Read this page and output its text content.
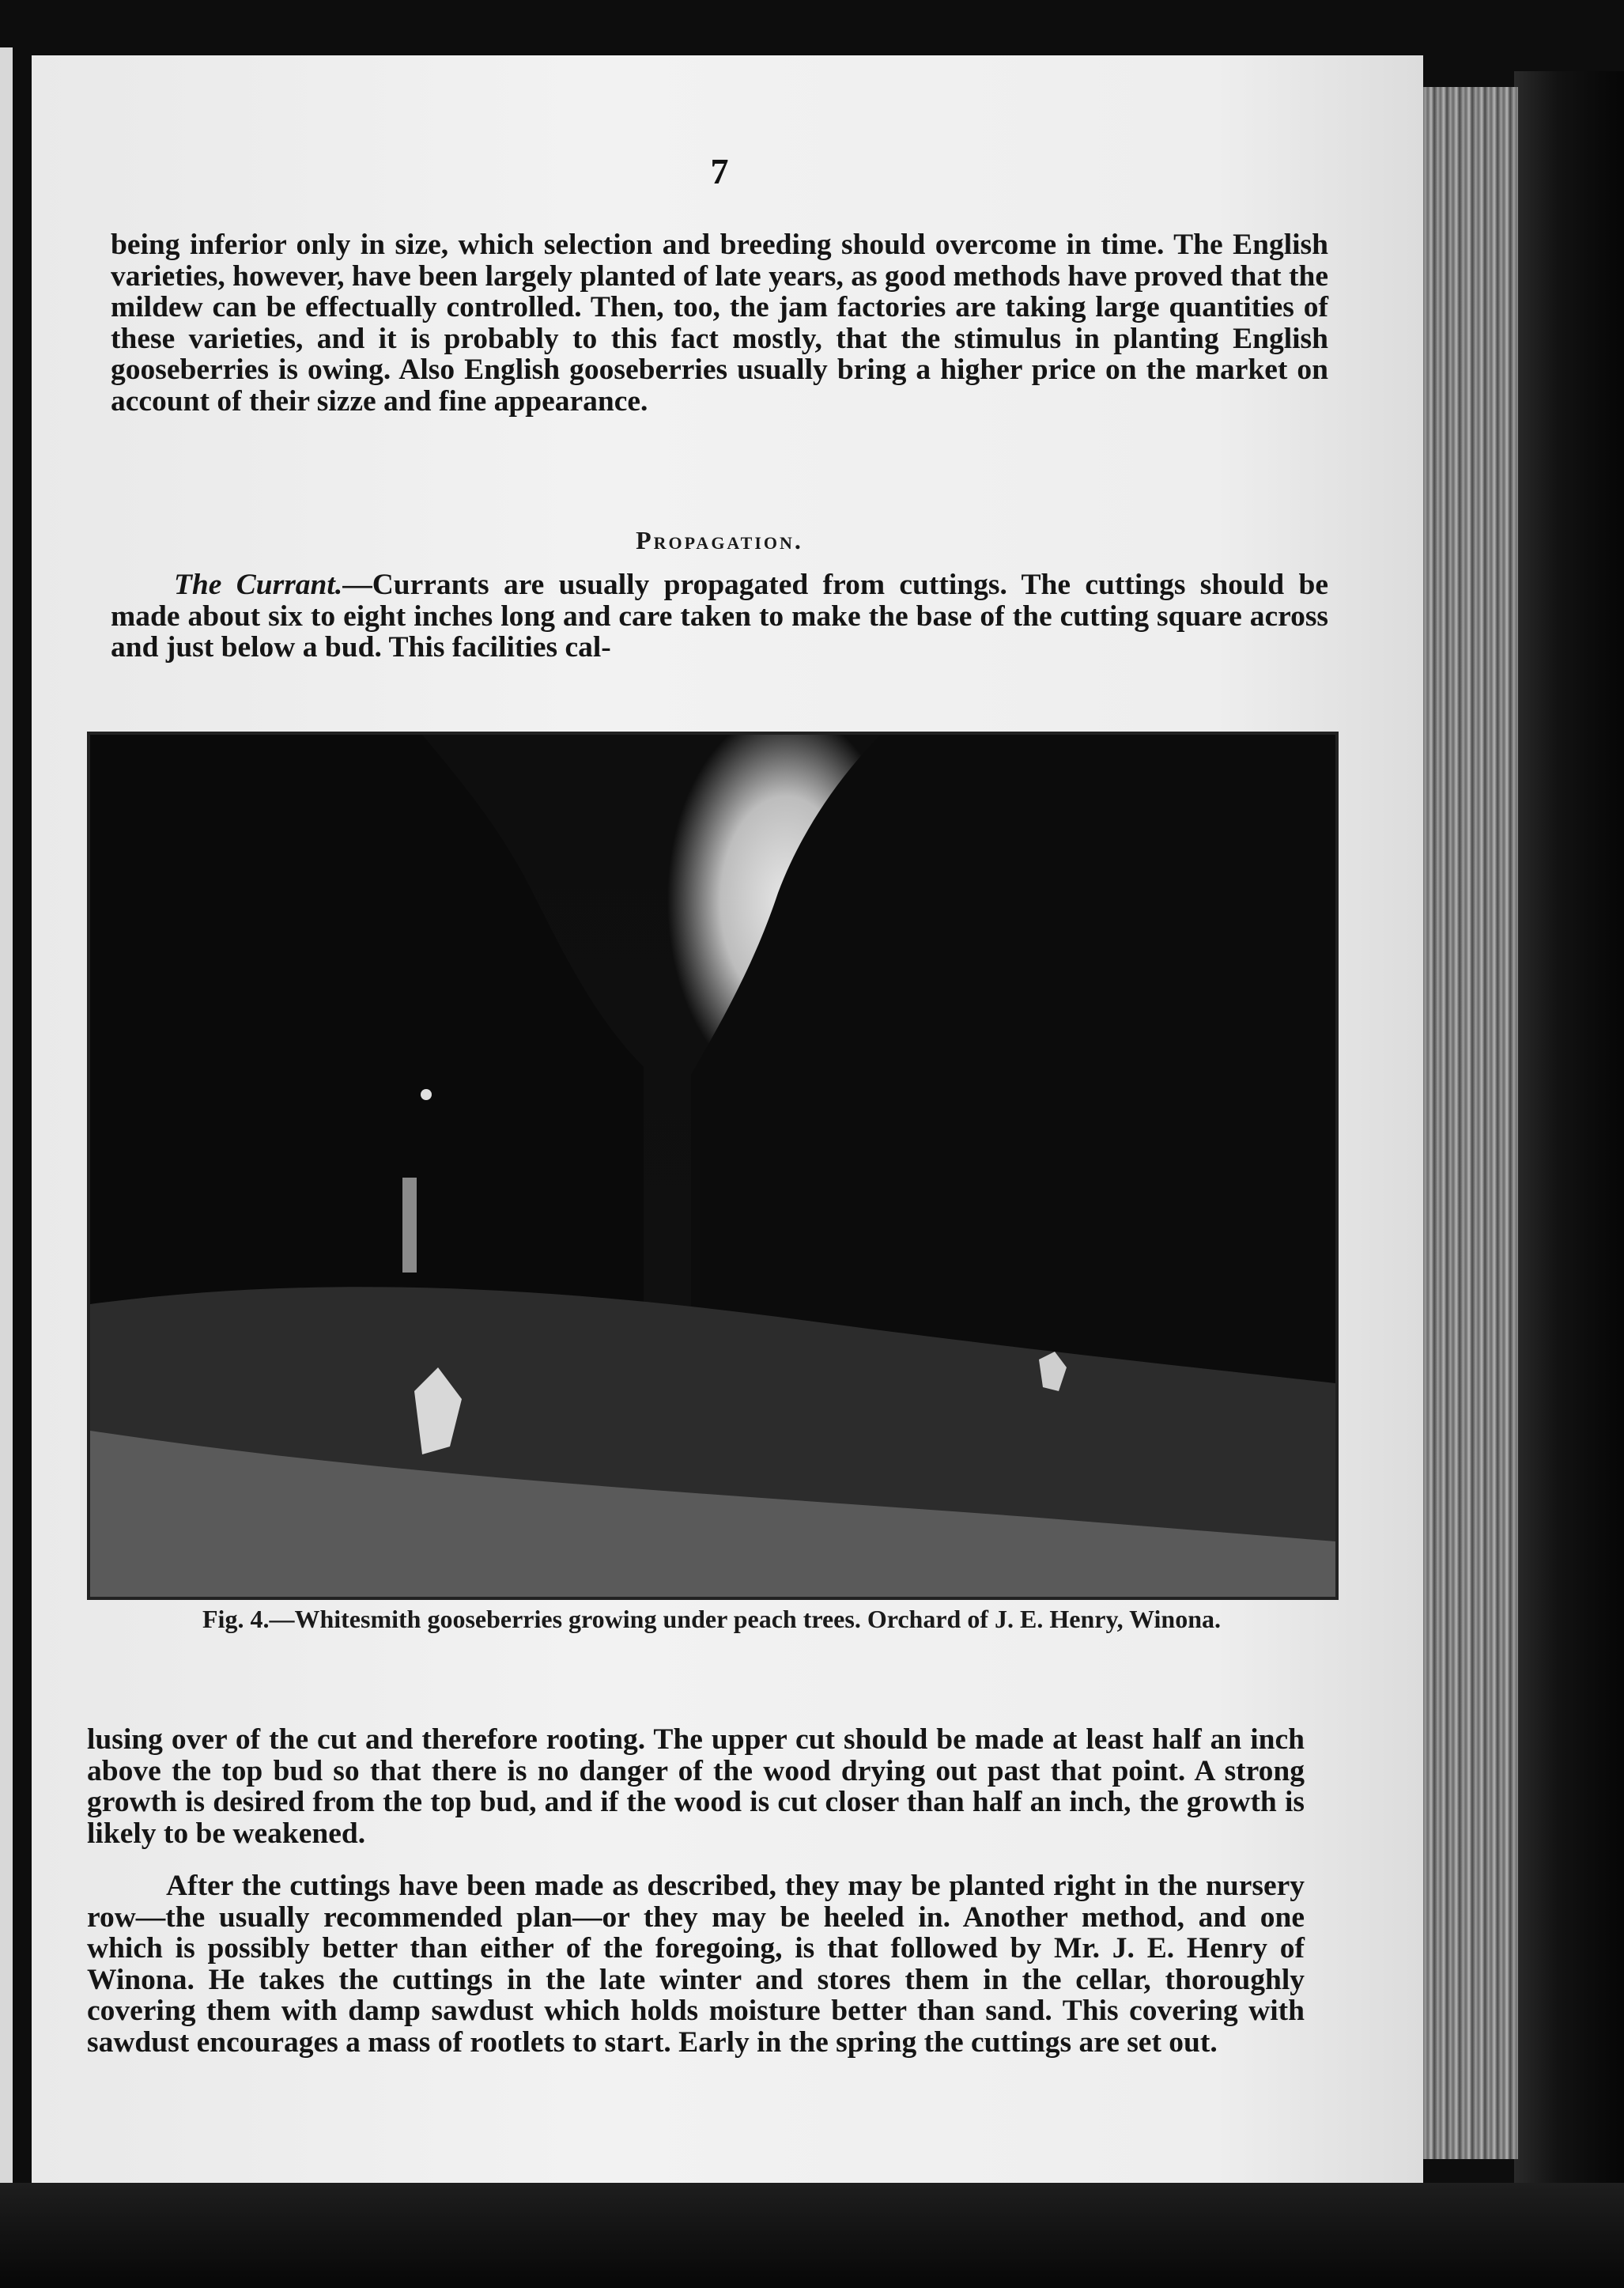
7

being inferior only in size, which selection and breeding should overcome in time. The English varieties, however, have been largely planted of late years, as good methods have proved that the mildew can be effectually controlled. Then, too, the jam factories are taking large quantities of these varieties, and it is probably to this fact mostly, that the stimulus in planting English gooseberries is owing. Also English gooseberries usually bring a higher price on the market on account of their sizze and fine appearance.

Propagation.

The Currant.—Currants are usually propagated from cuttings. The cuttings should be made about six to eight inches long and care taken to make the base of the cutting square across and just below a bud. This facilities cal-

Fig. 4.—Whitesmith gooseberries growing under peach trees. Orchard of J. E. Henry, Winona.

lusing over of the cut and therefore rooting. The upper cut should be made at least half an inch above the top bud so that there is no danger of the wood drying out past that point. A strong growth is desired from the top bud, and if the wood is cut closer than half an inch, the growth is likely to be weakened.

After the cuttings have been made as described, they may be planted right in the nursery row—the usually recommended plan—or they may be heeled in. Another method, and one which is possibly better than either of the foregoing, is that followed by Mr. J. E. Henry of Winona. He takes the cuttings in the late winter and stores them in the cellar, thoroughly covering them with damp sawdust which holds moisture better than sand. This covering with sawdust encourages a mass of rootlets to start. Early in the spring the cuttings are set out.
